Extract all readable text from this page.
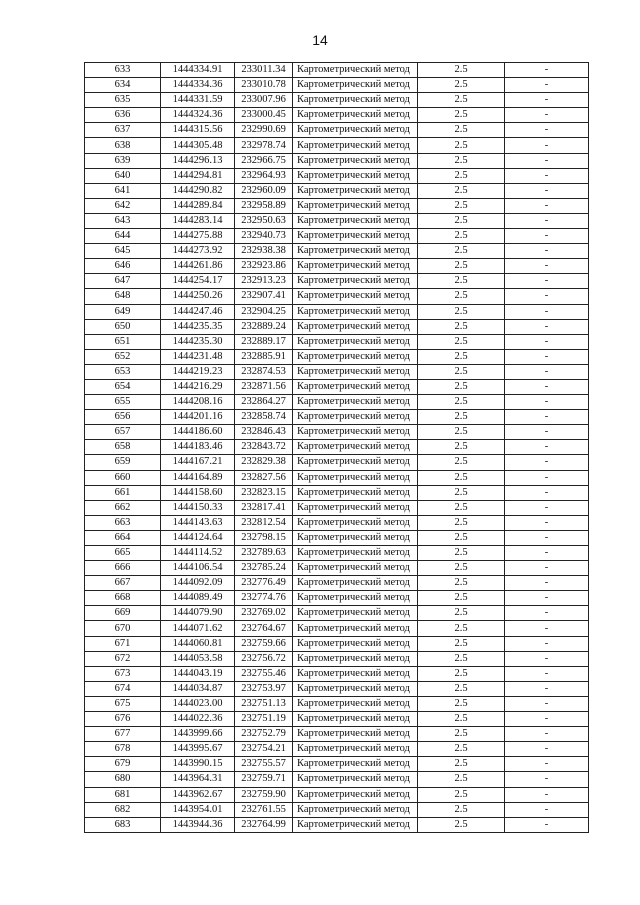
14
633	1444334.91	233011.34	Картометрический метод	2.5	-
634	1444334.36	233010.78	Картометрический метод	2.5	-
635	1444331.59	233007.96	Картометрический метод	2.5	-
636	1444324.36	233000.45	Картометрический метод	2.5	-
637	1444315.56	232990.69	Картометрический метод	2.5	-
638	1444305.48	232978.74	Картометрический метод	2.5	-
639	1444296.13	232966.75	Картометрический метод	2.5	-
640	1444294.81	232964.93	Картометрический метод	2.5	-
641	1444290.82	232960.09	Картометрический метод	2.5	-
642	1444289.84	232958.89	Картометрический метод	2.5	-
643	1444283.14	232950.63	Картометрический метод	2.5	-
644	1444275.88	232940.73	Картометрический метод	2.5	-
645	1444273.92	232938.38	Картометрический метод	2.5	-
646	1444261.86	232923.86	Картометрический метод	2.5	-
647	1444254.17	232913.23	Картометрический метод	2.5	-
648	1444250.26	232907.41	Картометрический метод	2.5	-
649	1444247.46	232904.25	Картометрический метод	2.5	-
650	1444235.35	232889.24	Картометрический метод	2.5	-
651	1444235.30	232889.17	Картометрический метод	2.5	-
652	1444231.48	232885.91	Картометрический метод	2.5	-
653	1444219.23	232874.53	Картометрический метод	2.5	-
654	1444216.29	232871.56	Картометрический метод	2.5	-
655	1444208.16	232864.27	Картометрический метод	2.5	-
656	1444201.16	232858.74	Картометрический метод	2.5	-
657	1444186.60	232846.43	Картометрический метод	2.5	-
658	1444183.46	232843.72	Картометрический метод	2.5	-
659	1444167.21	232829.38	Картометрический метод	2.5	-
660	1444164.89	232827.56	Картометрический метод	2.5	-
661	1444158.60	232823.15	Картометрический метод	2.5	-
662	1444150.33	232817.41	Картометрический метод	2.5	-
663	1444143.63	232812.54	Картометрический метод	2.5	-
664	1444124.64	232798.15	Картометрический метод	2.5	-
665	1444114.52	232789.63	Картометрический метод	2.5	-
666	1444106.54	232785.24	Картометрический метод	2.5	-
667	1444092.09	232776.49	Картометрический метод	2.5	-
668	1444089.49	232774.76	Картометрический метод	2.5	-
669	1444079.90	232769.02	Картометрический метод	2.5	-
670	1444071.62	232764.67	Картометрический метод	2.5	-
671	1444060.81	232759.66	Картометрический метод	2.5	-
672	1444053.58	232756.72	Картометрический метод	2.5	-
673	1444043.19	232755.46	Картометрический метод	2.5	-
674	1444034.87	232753.97	Картометрический метод	2.5	-
675	1444023.00	232751.13	Картометрический метод	2.5	-
676	1444022.36	232751.19	Картометрический метод	2.5	-
677	1443999.66	232752.79	Картометрический метод	2.5	-
678	1443995.67	232754.21	Картометрический метод	2.5	-
679	1443990.15	232755.57	Картометрический метод	2.5	-
680	1443964.31	232759.71	Картометрический метод	2.5	-
681	1443962.67	232759.90	Картометрический метод	2.5	-
682	1443954.01	232761.55	Картометрический метод	2.5	-
683	1443944.36	232764.99	Картометрический метод	2.5	-
